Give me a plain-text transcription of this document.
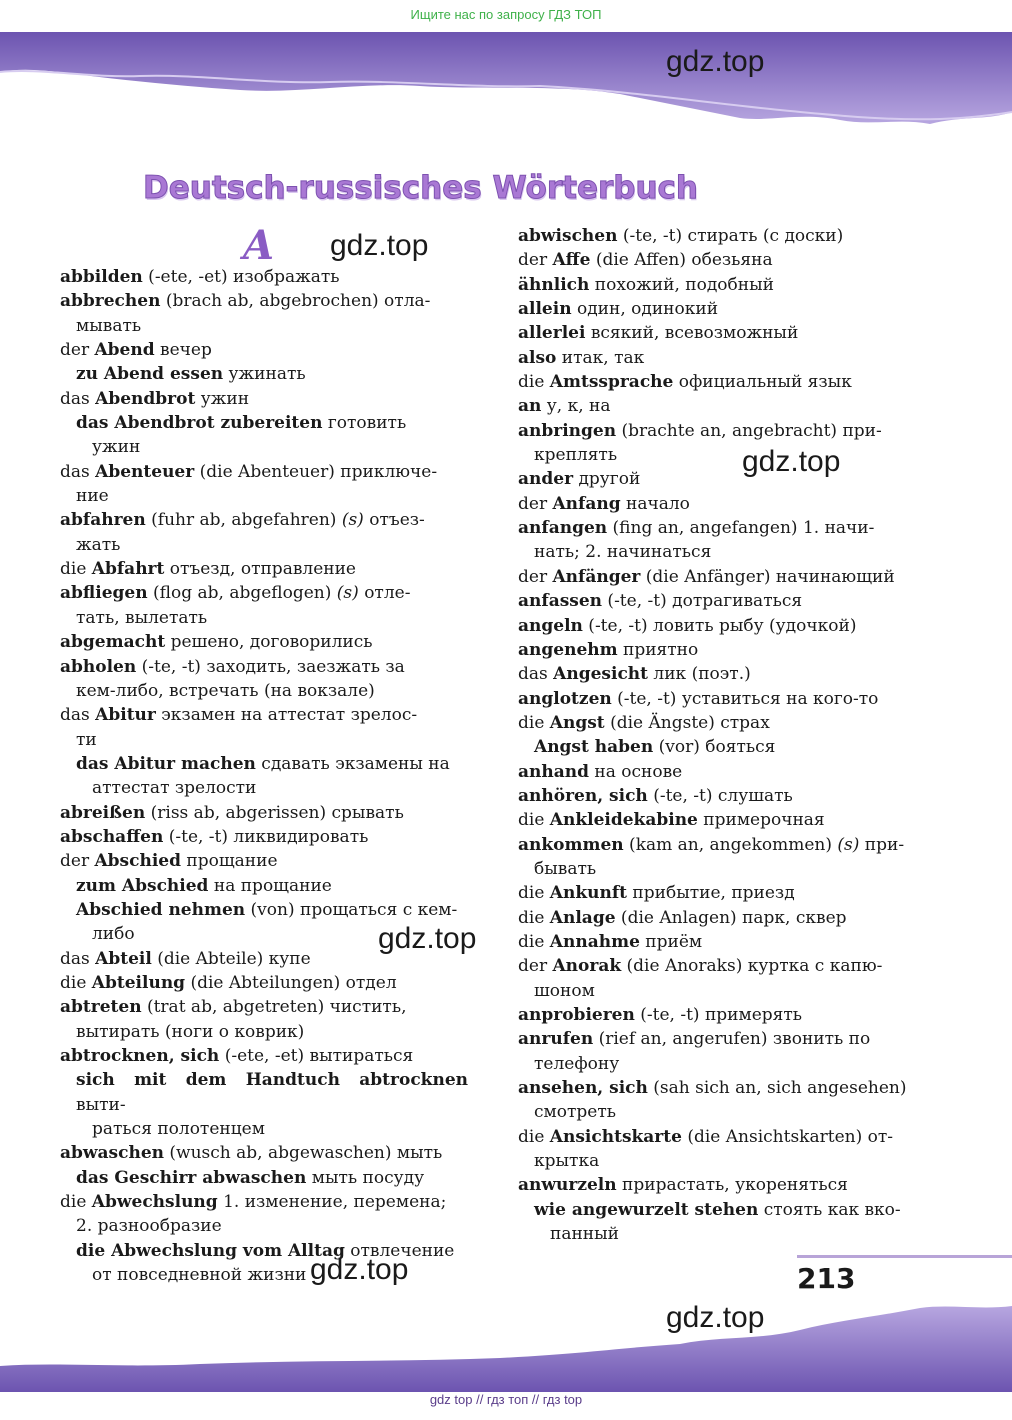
Ищите нас по запросу ГДЗ ТОП
gdz.top
gdz.top
gdz.top
gdz.top
gdz.top
gdz.top
Deutsch-russisches Wörterbuch
A
abbilden (-ete, -et) изображать
abbrechen (brach ab, abgebrochen) отла-
мывать
der Abend вечер
zu Abend essen ужинать
das Abendbrot ужин
das Abendbrot zubereiten готовить
ужин
das Abenteuer (die Abenteuer) приключе-
ние
abfahren (fuhr ab, abgefahren) (s) отъез-
жать
die Abfahrt отъезд, отправление
abfliegen (flog ab, abgeflogen) (s) отле-
тать, вылетать
abgemacht решено, договорились
abholen (-te, -t) заходить, заезжать за
кем-либо, встречать (на вокзале)
das Abitur экзамен на аттестат зрелос-
ти
das Abitur machen сдавать экзамены на
аттестат зрелости
abreißen (riss ab, abgerissen) срывать
abschaffen (-te, -t) ликвидировать
der Abschied прощание
zum Abschied на прощание
Abschied nehmen (von) прощаться с кем-
либо
das Abteil (die Abteile) купе
die Abteilung (die Abteilungen) отдел
abtreten (trat ab, abgetreten) чистить,
вытирать (ноги о коврик)
abtrocknen, sich (-ete, -et) вытираться
sich mit dem Handtuch abtrocknen выти-
раться полотенцем
abwaschen (wusch ab, abgewaschen) мыть
das Geschirr abwaschen мыть посуду
die Abwechslung 1. изменение, перемена;
2. разнообразие
die Abwechslung vom Alltag отвлечение
от повседневной жизни
abwischen (-te, -t) стирать (с доски)
der Affe (die Affen) обезьяна
ähnlich похожий, подобный
allein один, одинокий
allerlei всякий, всевозможный
also итак, так
die Amtssprache официальный язык
an у, к, на
anbringen (brachte an, angebracht) при-
креплять
ander другой
der Anfang начало
anfangen (fing an, angefangen) 1. начи-
нать; 2. начинаться
der Anfänger (die Anfänger) начинающий
anfassen (-te, -t) дотрагиваться
angeln (-te, -t) ловить рыбу (удочкой)
angenehm приятно
das Angesicht лик (поэт.)
anglotzen (-te, -t) уставиться на кого-то
die Angst (die Ängste) страх
Angst haben (vor) бояться
anhand на основе
anhören, sich (-te, -t) слушать
die Ankleidekabine примерочная
ankommen (kam an, angekommen) (s) при-
бывать
die Ankunft прибытие, приезд
die Anlage (die Anlagen) парк, сквер
die Annahme приём
der Anorak (die Anoraks) куртка с капю-
шоном
anprobieren (-te, -t) примерять
anrufen (rief an, angerufen) звонить по
телефону
ansehen, sich (sah sich an, sich angesehen)
смотреть
die Ansichtskarte (die Ansichtskarten) от-
крытка
anwurzeln прирастать, укореняться
wie angewurzelt stehen стоять как вко-
панный
213
gdz top // гдз топ // гдз top
